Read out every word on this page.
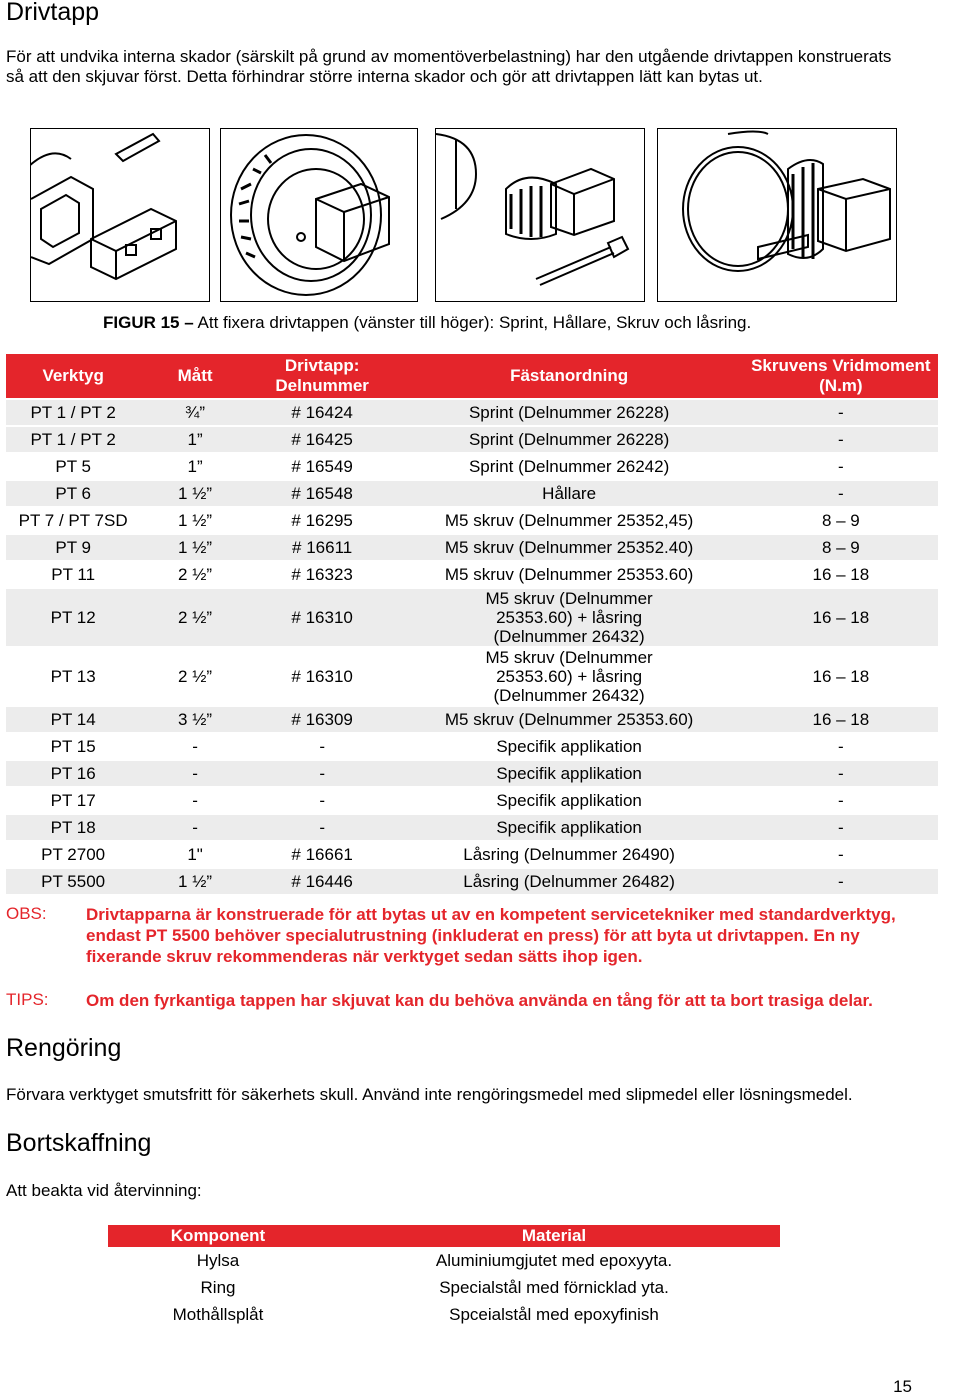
Drivtapp

För att undvika interna skador (särskilt på grund av momentöverbelastning) har den utgående drivtappen konstruerats så att den skjuvar först. Detta förhindrar större interna skador och gör att drivtappen lätt kan bytas ut.

FIGUR 15 – Att fixera drivtappen (vänster till höger): Sprint, Hållare, Skruv och låsring.
Verktyg	Mått	Drivtapp: Delnummer	Fästanordning	Skruvens Vridmoment (N.m)
PT 1 / PT 2	¾”	# 16424	Sprint (Delnummer 26228)	-
PT 1 / PT 2	1”	# 16425	Sprint (Delnummer 26228)	-
PT 5	1”	# 16549	Sprint (Delnummer 26242)	-
PT 6	1 ½”	# 16548	Hållare	-
PT 7 / PT 7SD	1 ½”	# 16295	M5 skruv (Delnummer 25352,45)	8 – 9
PT 9	1 ½”	# 16611	M5 skruv (Delnummer 25352.40)	8 – 9
PT 11	2 ½”	# 16323	M5 skruv (Delnummer 25353.60)	16 – 18
PT 12	2 ½”	# 16310	M5 skruv (Delnummer 25353.60) + låsring (Delnummer 26432)	16 – 18
PT 13	2 ½”	# 16310	M5 skruv (Delnummer 25353.60) + låsring (Delnummer 26432)	16 – 18
PT 14	3 ½”	# 16309	M5 skruv (Delnummer 25353.60)	16 – 18
PT 15	-	-	Specifik applikation	-
PT 16	-	-	Specifik applikation	-
PT 17	-	-	Specifik applikation	-
PT 18	-	-	Specifik applikation	-
PT 2700	1"	# 16661	Låsring (Delnummer 26490)	-
PT 5500	1 ½”	# 16446	Låsring (Delnummer 26482)	-
OBS: Drivtapparna är konstruerade för att bytas ut av en kompetent servicetekniker med standardverktyg, endast PT 5500 behöver specialutrustning (inkluderat en press) för att byta ut drivtappen. En ny fixerande skruv rekommenderas när verktyget sedan sätts ihop igen.

TIPS: Om den fyrkantiga tappen har skjuvat kan du behöva använda en tång för att ta bort trasiga delar.

Rengöring

Förvara verktyget smutsfritt för säkerhets skull. Använd inte rengöringsmedel med slipmedel eller lösningsmedel.

Bortskaffning

Att beakta vid återvinning:

Komponent	Material
Hylsa	Aluminiumgjutet med epoxyyta.
Ring	Specialstål med förnicklad yta.
Mothållsplåt	Spceialstål med epoxyfinish
15
